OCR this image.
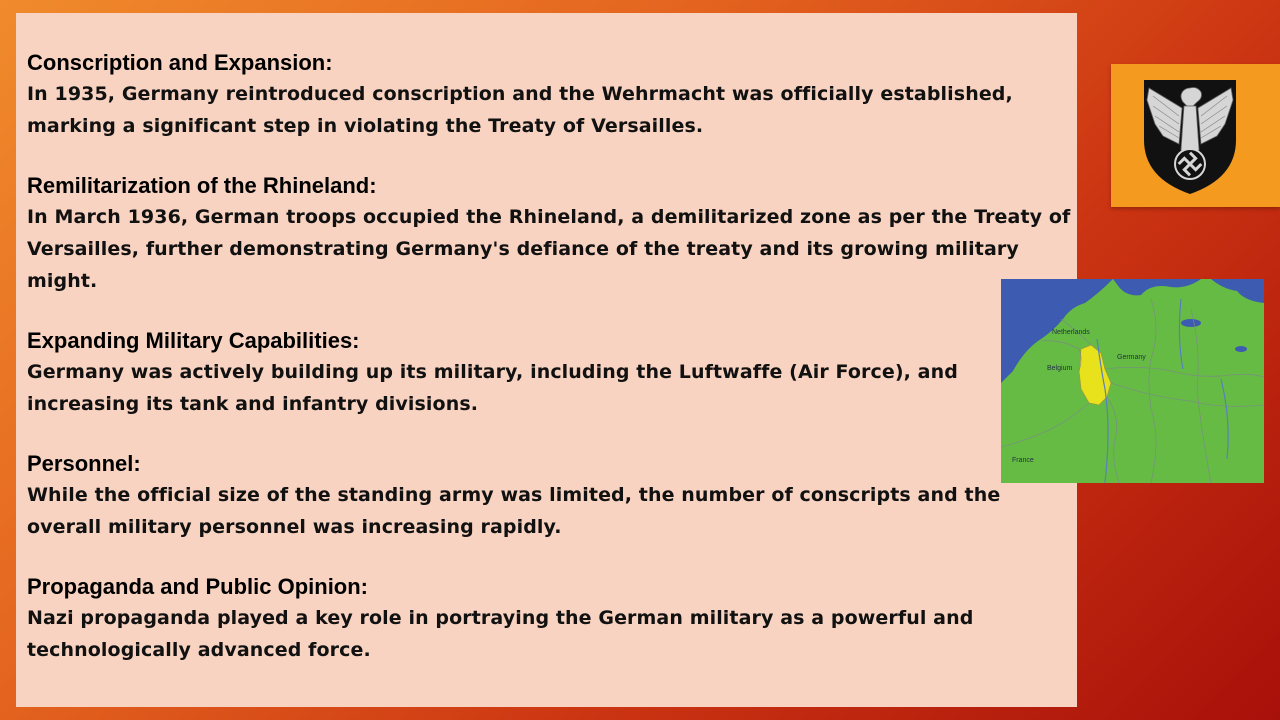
Conscription and Expansion:

In 1935, Germany reintroduced conscription and the Wehrmacht was officially established, marking a significant step in violating the Treaty of Versailles.

Remilitarization of the Rhineland:

In March 1936, German troops occupied the Rhineland, a demilitarized zone as per the Treaty of Versailles, further demonstrating Germany's defiance of the treaty and its growing military might.

Expanding Military Capabilities:

Germany was actively building up its military, including the Luftwaffe (Air Force), and increasing its tank and infantry divisions.

Personnel:

While the official size of the standing army was limited, the number of conscripts and the overall military personnel was increasing rapidly.

Propaganda and Public Opinion:

Nazi propaganda played a key role in portraying the German military as a powerful and technologically advanced force.

Netherlands
Germany
Belgium
France
